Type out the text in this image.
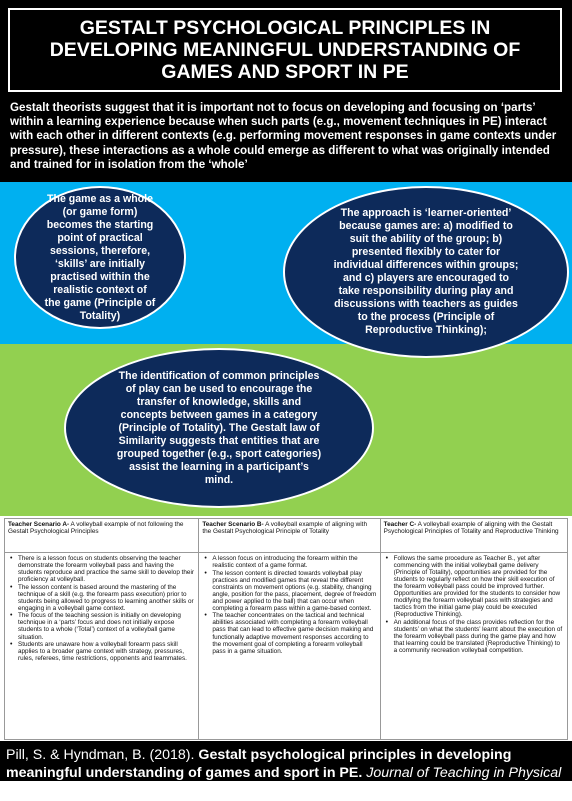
GESTALT PSYCHOLOGICAL PRINCIPLES IN DEVELOPING MEANINGFUL UNDERSTANDING OF GAMES AND SPORT IN PE

Gestalt theorists suggest that it is important not to focus on developing and focusing on ‘parts’ within a learning experience because when such parts (e.g., movement techniques in PE) interact with each other in different contexts (e.g. performing movement responses in game contexts under pressure), these interactions as a whole could emerge as different to what was originally intended and trained for in isolation from the ‘whole’

The game as a whole (or game form) becomes the starting point of practical sessions, therefore, ‘skills’ are initially practised within the realistic context of the game (Principle of Totality)
The approach is ‘learner-oriented’ because games are: a) modified to suit the ability of the group; b) presented flexibly to cater for individual differences within groups; and c) players are encouraged to take responsibility during play and discussions with teachers as guides to the process (Principle of Reproductive Thinking);
The identification of common principles of play can be used to encourage the transfer of knowledge, skills and concepts between games in a category (Principle of Totality). The Gestalt law of Similarity suggests that entities that are grouped together (e.g., sport categories) assist the learning in a participant’s mind.
Teacher Scenario A- A volleyball example of not following the Gestalt Psychological Principles
• There is a lesson focus on students observing the teacher demonstrate the forearm volleyball pass and having the students reproduce and practice the same skill to develop their proficiency at volleyball.
• The lesson content is based around the mastering of the technique of a skill (e.g. the forearm pass execution) prior to students being allowed to progress to learning another skills or engaging in a volleyball game context.
• The focus of the teaching session is initially on developing technique in a ‘parts’ focus and does not initially expose students to a whole (‘Total’) context of a volleyball game situation.
• Students are unaware how a volleyball forearm pass skill applies to a broader game context with strategy, pressures, rules, referees, time restrictions, opponents and teammates.
Teacher Scenario B- A volleyball example of aligning with the Gestalt Psychological Principle of Totality
• A lesson focus on introducing the forearm within the realistic context of a game format.
• The lesson content is directed towards volleyball play practices and modified games that reveal the different constraints on movement options (e.g. stability, changing angle, position for the pass, placement, degree of freedom and power applied to the ball) that can occur when completing a forearm pass within a game-based context.
• The teacher concentrates on the tactical and technical abilities associated with completing a forearm volleyball pass that can lead to effective game decision making and functionally adaptive movement responses according to the movement goal of completing a forearm volleyball pass in a game situation.
Teacher C- A volleyball example of aligning with the Gestalt Psychological Principles of Totality and Reproductive Thinking
• Follows the same procedure as Teacher B., yet after commencing with the initial volleyball game delivery (Principle of Totality), opportunities are provided for the students to regularly reflect on how their skill execution of the forearm volleyball pass could be improved further. Opportunities are provided for the students to consider how modifying the forearm volleyball pass with strategies and tactics from the initial game play could be executed (Reproductive Thinking).
• An additional focus of the class provides reflection for the students’ on what the students’ learnt about the execution of the forearm volleyball pass during the game play and how that learning could be translated (Reproductive Thinking) to a community recreation volleyball competition.

Pill, S. & Hyndman, B. (2018). Gestalt psychological principles in developing meaningful understanding of games and sport in PE. Journal of Teaching in Physical Education, 37(4), 322-329.
